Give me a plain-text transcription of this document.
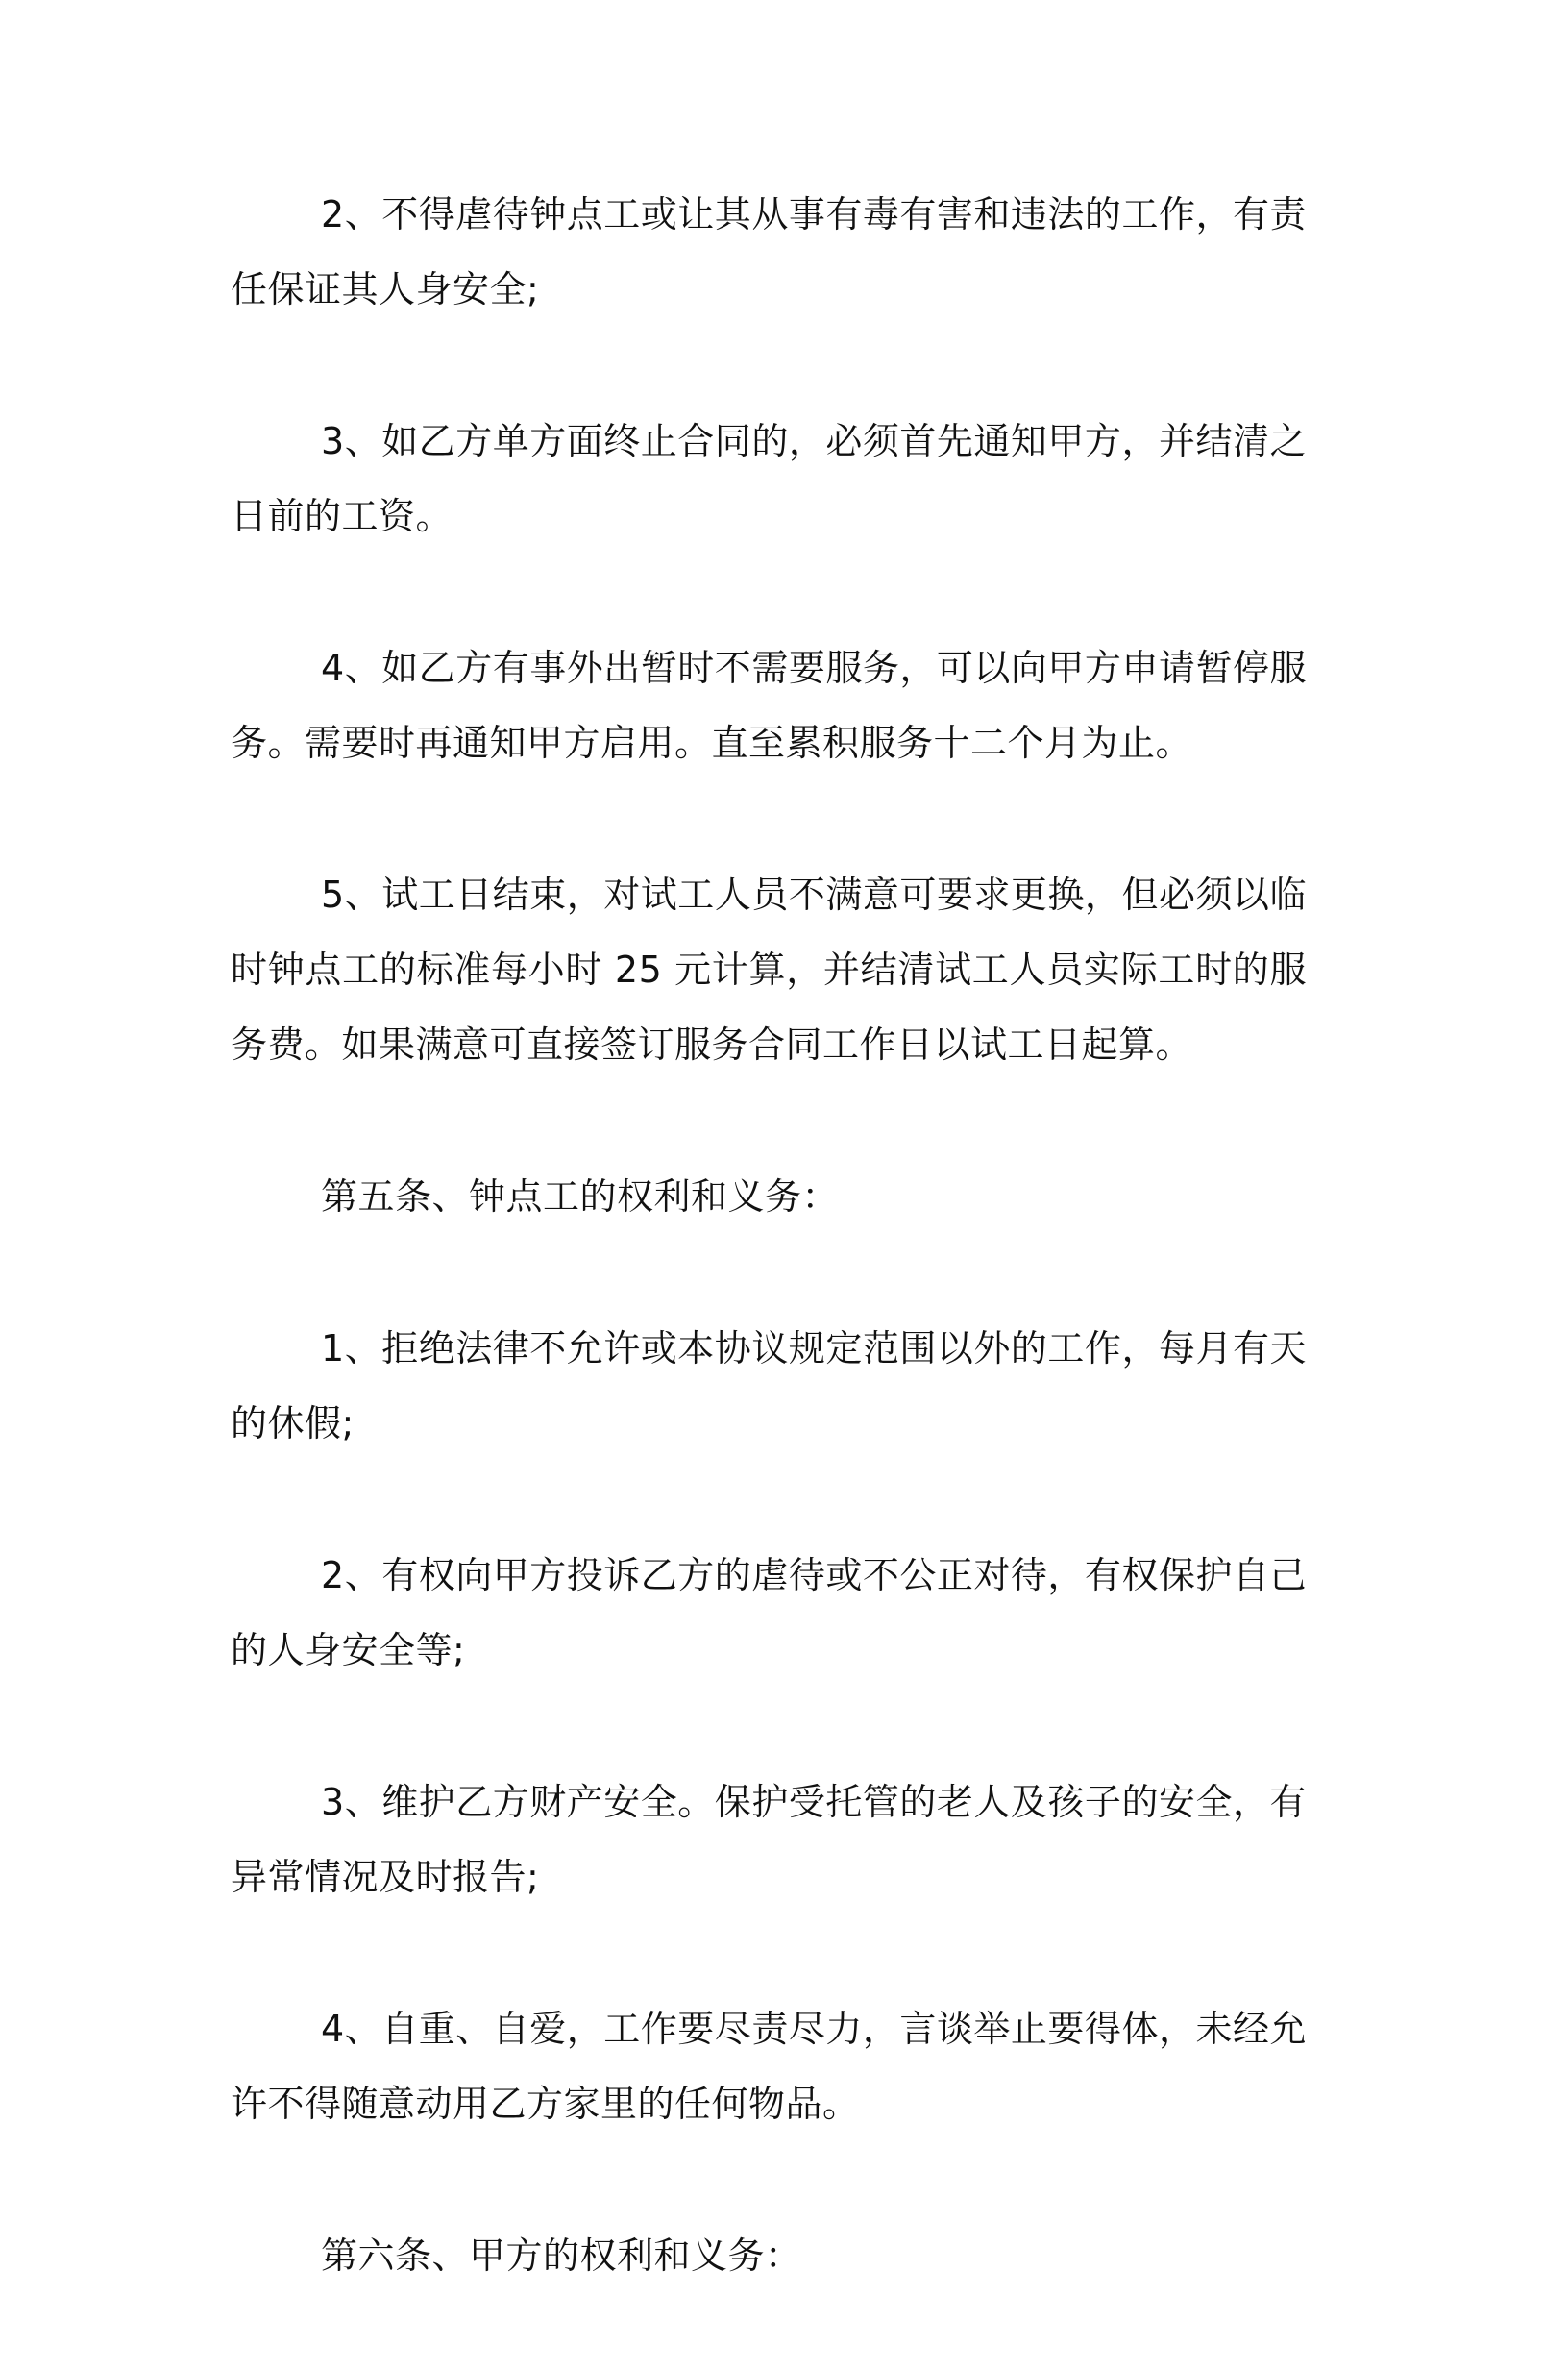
2、不得虐待钟点工或让其从事有毒有害和违法的工作，有责任保证其人身安全;

3、如乙方单方面终止合同的，必须首先通知甲方，并结清之日前的工资。

4、如乙方有事外出暂时不需要服务，可以向甲方申请暂停服务。需要时再通知甲方启用。直至累积服务十二个月为止。

5、试工日结束，对试工人员不满意可要求更换，但必须以临时钟点工的标准每小时 25 元计算，并结清试工人员实际工时的服务费。如果满意可直接签订服务合同工作日以试工日起算。

第五条、钟点工的权利和义务：

1、拒绝法律不允许或本协议规定范围以外的工作，每月有天的休假;

2、有权向甲方投诉乙方的虐待或不公正对待，有权保护自己的人身安全等;

3、维护乙方财产安全。保护受托管的老人及孩子的安全，有异常情况及时报告;

4、自重、自爱，工作要尽责尽力，言谈举止要得体，未经允许不得随意动用乙方家里的任何物品。

第六条、甲方的权利和义务：
